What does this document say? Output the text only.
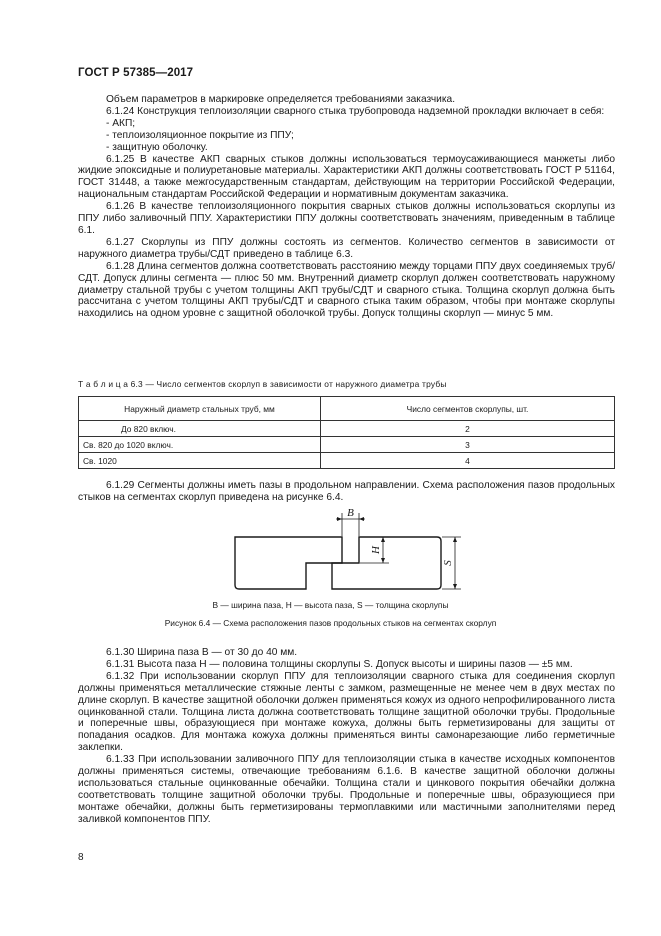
ГОСТ Р 57385—2017

Объем параметров в маркировке определяется требованиями заказчика.

6.1.24 Конструкция теплоизоляции сварного стыка трубопровода надземной прокладки включает в себя:

- АКП;

- теплоизоляционное покрытие из ППУ;

- защитную оболочку.

6.1.25 В качестве АКП сварных стыков должны использоваться термоусаживающиеся манжеты либо жидкие эпоксидные и полиуретановые материалы. Характеристики АКП должны соответствовать ГОСТ Р 51164, ГОСТ 31448, а также межгосударственным стандартам, действующим на территории Российской Федерации, национальным стандартам Российской Федерации и нормативным документам заказчика.

6.1.26 В качестве теплоизоляционного покрытия сварных стыков должны использоваться скорлупы из ППУ либо заливочный ППУ. Характеристики ППУ должны соответствовать значениям, приведенным в таблице 6.1.

6.1.27 Скорлупы из ППУ должны состоять из сегментов. Количество сегментов в зависимости от наружного диаметра трубы/СДТ приведено в таблице 6.3.

6.1.28 Длина сегментов должна соответствовать расстоянию между торцами ППУ двух соединяемых труб/СДТ. Допуск длины сегмента — плюс 50 мм. Внутренний диаметр скорлуп должен соответствовать наружному диаметру стальной трубы с учетом толщины АКП трубы/СДТ и сварного стыка. Толщина скорлуп должна быть рассчитана с учетом толщины АКП трубы/СДТ и сварного стыка таким образом, чтобы при монтаже скорлупы находились на одном уровне с защитной оболочкой трубы. Допуск толщины скорлуп — минус 5 мм.

Т а б л и ц а 6.3 — Число сегментов скорлуп в зависимости от наружного диаметра трубы
Наружный диаметр стальных труб, мм	Число сегментов скорлупы, шт.
До 820 включ.	2
Св. 820 до 1020 включ.	3
Св. 1020	4

6.1.29 Сегменты должны иметь пазы в продольном направлении. Схема расположения пазов продольных стыков на сегментах скорлуп приведена на рисунке 6.4.

B
H
S
B — ширина паза, H — высота паза, S — толщина скорлупы
Рисунок 6.4 — Схема расположения пазов продольных стыков на сегментах скорлуп

6.1.30 Ширина паза B — от 30 до 40 мм.

6.1.31 Высота паза H — половина толщины скорлупы S. Допуск высоты и ширины пазов — ±5 мм.

6.1.32 При использовании скорлуп ППУ для теплоизоляции сварного стыка для соединения скорлуп должны применяться металлические стяжные ленты с замком, размещенные не менее чем в двух местах по длине скорлуп. В качестве защитной оболочки должен применяться кожух из одного непрофилированного листа оцинкованной стали. Толщина листа должна соответствовать толщине защитной оболочки трубы. Продольные и поперечные швы, образующиеся при монтаже кожуха, должны быть герметизированы для защиты от попадания осадков. Для монтажа кожуха должны применяться винты самонарезающие либо герметичные заклепки.

6.1.33 При использовании заливочного ППУ для теплоизоляции стыка в качестве исходных компонентов должны применяться системы, отвечающие требованиям 6.1.6. В качестве защитной оболочки должны использоваться стальные оцинкованные обечайки. Толщина стали и цинкового покрытия обечайки должна соответствовать толщине защитной оболочки трубы. Продольные и поперечные швы, образующиеся при монтаже обечайки, должны быть герметизированы термоплавкими или мастичными заполнителями перед заливкой компонентов ППУ.

8
